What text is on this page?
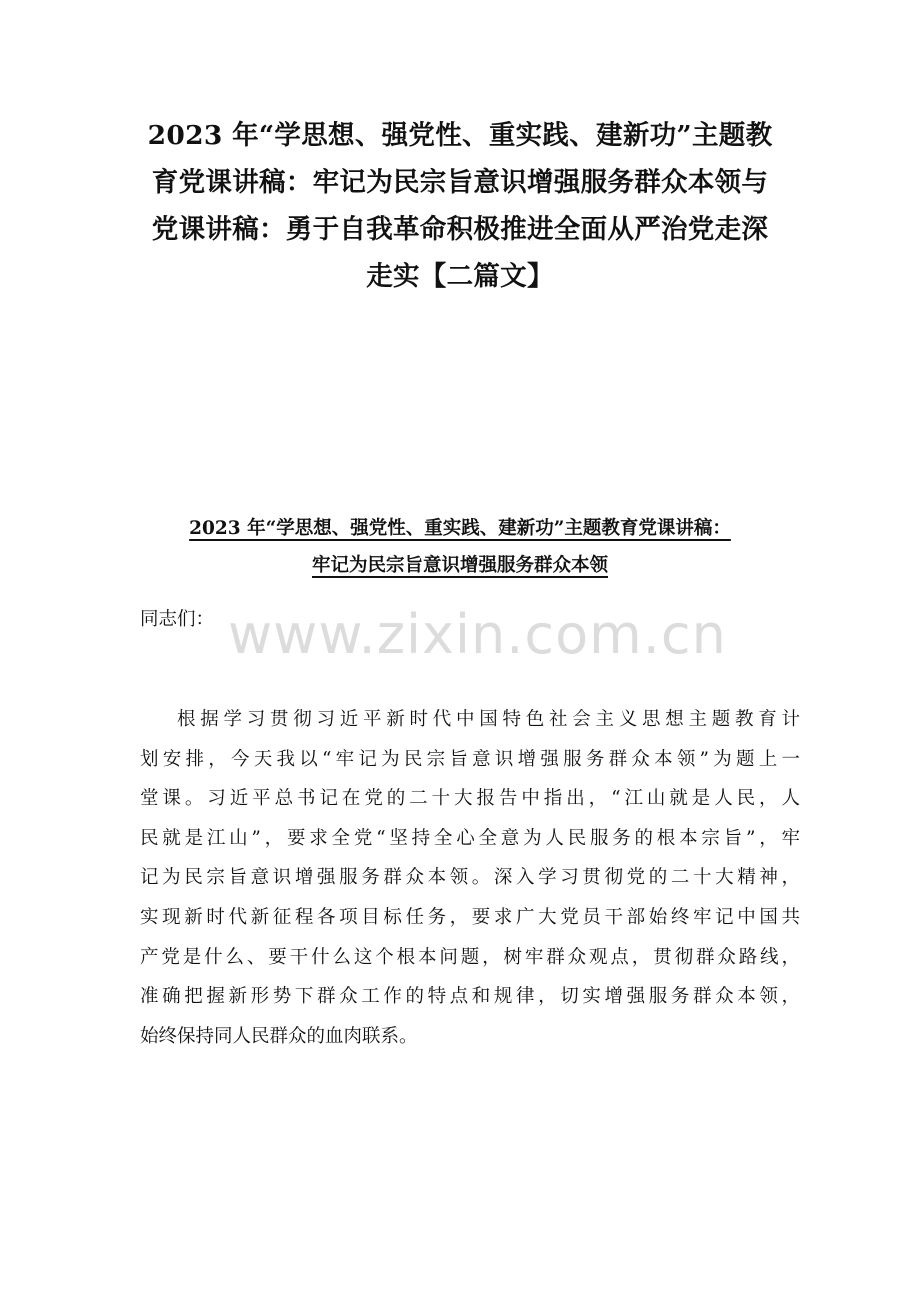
2023 年“学思想、强党性、重实践、建新功”主题教
育党课讲稿：牢记为民宗旨意识增强服务群众本领与
党课讲稿：勇于自我革命积极推进全面从严治党走深
走实【二篇文】
www.zixin.com.cn
2023 年“学思想、强党性、重实践、建新功”主题教育党课讲稿：
牢记为民宗旨意识增强服务群众本领
同志们：
根据学习贯彻习近平新时代中国特色社会主义思想主题教育计
划安排，今天我以“牢记为民宗旨意识增强服务群众本领”为题上一
堂课。习近平总书记在党的二十大报告中指出，“江山就是人民，人
民就是江山”，要求全党“坚持全心全意为人民服务的根本宗旨”，牢
记为民宗旨意识增强服务群众本领。深入学习贯彻党的二十大精神，
实现新时代新征程各项目标任务，要求广大党员干部始终牢记中国共
产党是什么、要干什么这个根本问题，树牢群众观点，贯彻群众路线，
准确把握新形势下群众工作的特点和规律，切实增强服务群众本领，
始终保持同人民群众的血肉联系。
